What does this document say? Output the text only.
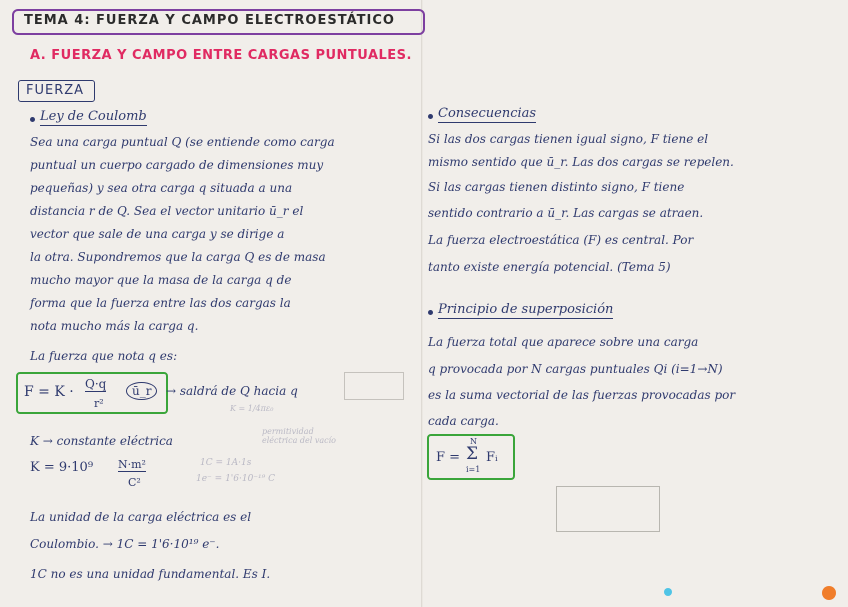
TEMA 4: FUERZA Y CAMPO ELECTROESTÁTICO
A. FUERZA Y CAMPO ENTRE CARGAS PUNTUALES.
FUERZA
Ley de Coulomb
Sea una carga puntual Q (se entiende como carga
puntual un cuerpo cargado de dimensiones muy
pequeñas) y sea otra carga q situada a una
distancia r de Q. Sea el vector unitario ū_r el
vector que sale de una carga y se dirige a
la otra. Supondremos que la carga Q es de masa
mucho mayor que la masa de la carga q de
forma que la fuerza entre las dos cargas la
nota mucho más la carga q.
La fuerza que nota q es:
F = K · Q·q
r²
ū_r	→ saldrá de Q hacia q
K = 1/4πε₀
permitividad eléctrica del vacío
K → constante eléctrica
K = 9·10⁹ N·m²
C²
1C = 1A·1s
1e⁻ = 1'6·10⁻¹⁹ C
La unidad de la carga eléctrica es el
Coulombio. → 1C = 1'6·10¹⁹ e⁻.
1C no es una unidad fundamental. Es I.
Consecuencias
Si las dos cargas tienen igual signo, F tiene el
mismo sentido que ū_r. Las dos cargas se repelen.
Si las cargas tienen distinto signo, F tiene
sentido contrario a ū_r. Las cargas se atraen.
La fuerza electroestática (F) es central. Por
tanto existe energía potencial. (Tema 5)
Principio de superposición
La fuerza total que aparece sobre una carga
q provocada por N cargas puntuales Qi (i=1→N)
es la suma vectorial de las fuerzas provocadas por
cada carga.
F =
N
Σ
i=1
Fᵢ
